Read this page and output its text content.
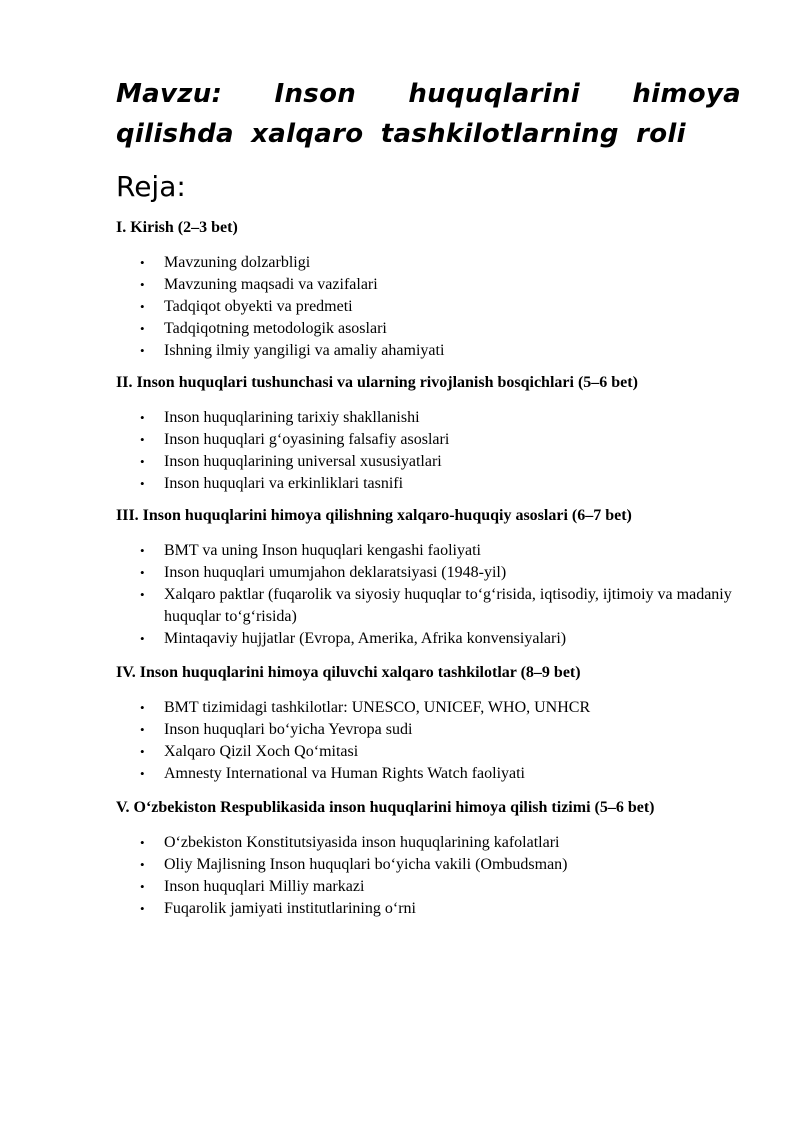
Mavzu: Inson huquqlarini himoya qilishda xalqaro tashkilotlarning roli
Reja:
I. Kirish (2–3 bet)
• Mavzuning dolzarbligi
• Mavzuning maqsadi va vazifalari
• Tadqiqot obyekti va predmeti
• Tadqiqotning metodologik asoslari
• Ishning ilmiy yangiligi va amaliy ahamiyati
II. Inson huquqlari tushunchasi va ularning rivojlanish bosqichlari (5–6 bet)
• Inson huquqlarining tarixiy shakllanishi
• Inson huquqlari g‘oyasining falsafiy asoslari
• Inson huquqlarining universal xususiyatlari
• Inson huquqlari va erkinliklari tasnifi
III. Inson huquqlarini himoya qilishning xalqaro-huquqiy asoslari (6–7 bet)
• BMT va uning Inson huquqlari kengashi faoliyati
• Inson huquqlari umumjahon deklaratsiyasi (1948-yil)
• Xalqaro paktlar (fuqarolik va siyosiy huquqlar to‘g‘risida, iqtisodiy, ijtimoiy va madaniy huquqlar to‘g‘risida)
• Mintaqaviy hujjatlar (Evropa, Amerika, Afrika konvensiyalari)
IV. Inson huquqlarini himoya qiluvchi xalqaro tashkilotlar (8–9 bet)
• BMT tizimidagi tashkilotlar: UNESCO, UNICEF, WHO, UNHCR
• Inson huquqlari bo‘yicha Yevropa sudi
• Xalqaro Qizil Xoch Qo‘mitasi
• Amnesty International va Human Rights Watch faoliyati
V. O‘zbekiston Respublikasida inson huquqlarini himoya qilish tizimi (5–6 bet)
• O‘zbekiston Konstitutsiyasida inson huquqlarining kafolatlari
• Oliy Majlisning Inson huquqlari bo‘yicha vakili (Ombudsman)
• Inson huquqlari Milliy markazi
• Fuqarolik jamiyati institutlarining o‘rni
